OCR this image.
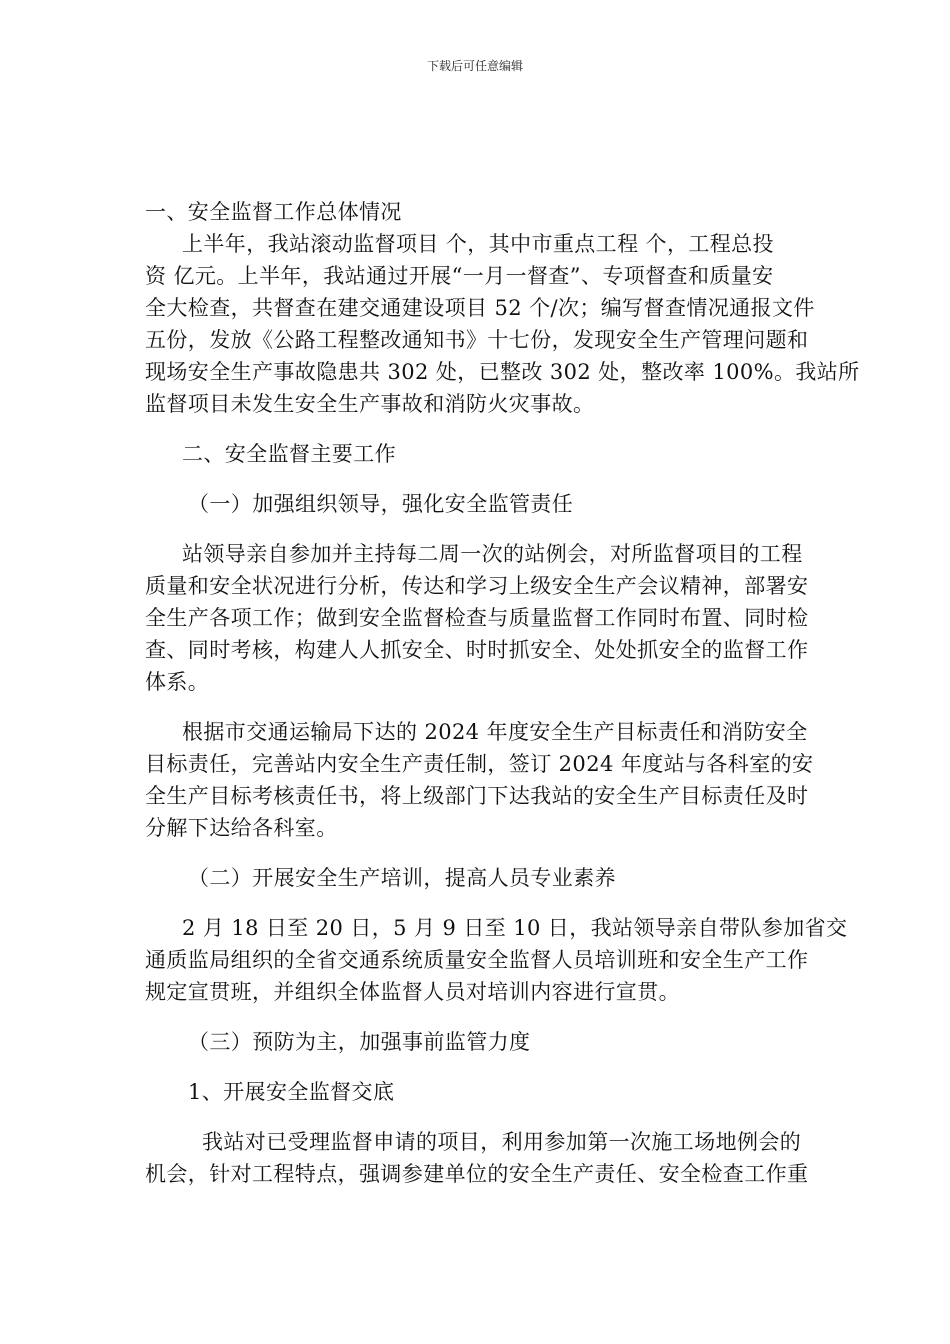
下载后可任意编辑
一、安全监督工作总体情况
上半年，我站滚动监督项目 个，其中市重点工程 个，工程总投
资 亿元。上半年，我站通过开展“一月一督查”、专项督查和质量安
全大检查，共督查在建交通建设项目 52 个/次；编写督查情况通报文件
五份，发放《公路工程整改通知书》十七份，发现安全生产管理问题和
现场安全生产事故隐患共 302 处，已整改 302 处，整改率 100%。我站所
监督项目未发生安全生产事故和消防火灾事故。
二、安全监督主要工作
（一）加强组织领导，强化安全监管责任
站领导亲自参加并主持每二周一次的站例会，对所监督项目的工程
质量和安全状况进行分析，传达和学习上级安全生产会议精神，部署安
全生产各项工作；做到安全监督检查与质量监督工作同时布置、同时检
查、同时考核，构建人人抓安全、时时抓安全、处处抓安全的监督工作
体系。
根据市交通运输局下达的 2024 年度安全生产目标责任和消防安全
目标责任，完善站内安全生产责任制，签订 2024 年度站与各科室的安
全生产目标考核责任书，将上级部门下达我站的安全生产目标责任及时
分解下达给各科室。
（二）开展安全生产培训，提高人员专业素养
2 月 18 日至 20 日，5 月 9 日至 10 日，我站领导亲自带队参加省交
通质监局组织的全省交通系统质量安全监督人员培训班和安全生产工作
规定宣贯班，并组织全体监督人员对培训内容进行宣贯。
（三）预防为主，加强事前监管力度
1、开展安全监督交底
我站对已受理监督申请的项目，利用参加第一次施工场地例会的
机会，针对工程特点，强调参建单位的安全生产责任、安全检查工作重
